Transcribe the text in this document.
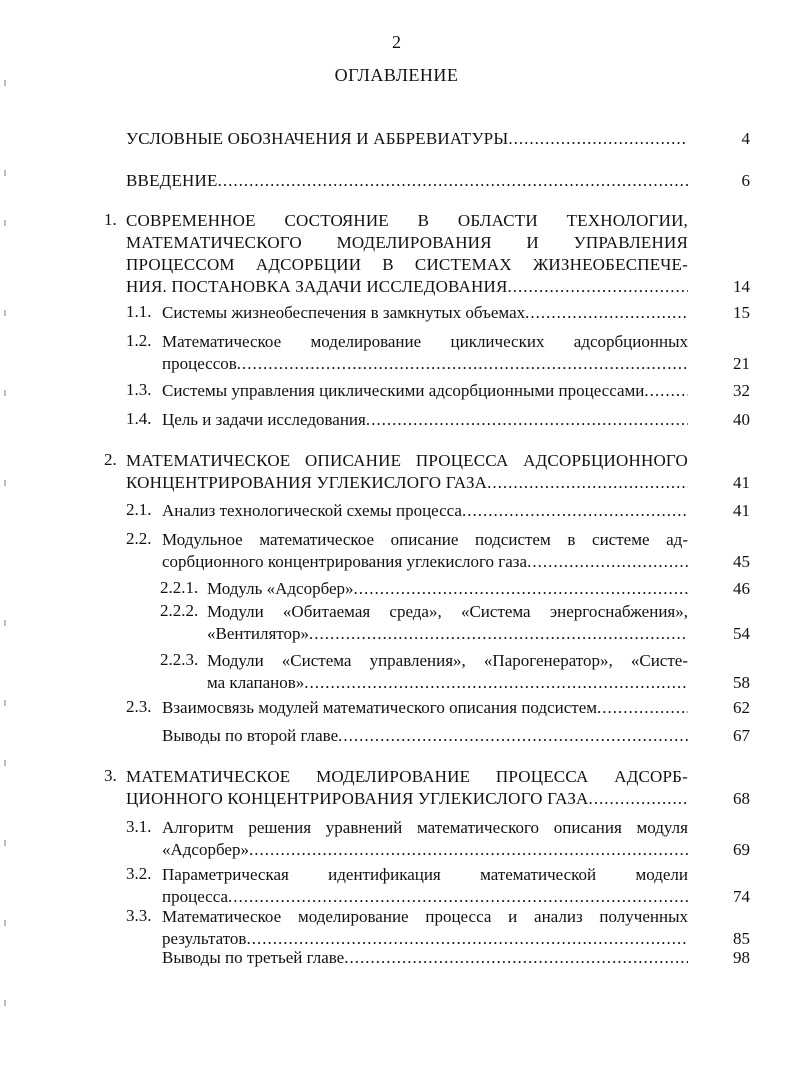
2
ОГЛАВЛЕНИЕ
УСЛОВНЫЕ ОБОЗНАЧЕНИЯ И АББРЕВИАТУРЫ .....	4
ВВЕДЕНИЕ .....	6
1. СОВРЕМЕННОЕ СОСТОЯНИЕ В ОБЛАСТИ ТЕХНОЛОГИИ,
МАТЕМАТИЧЕСКОГО МОДЕЛИРОВАНИЯ И УПРАВЛЕНИЯ
ПРОЦЕССОМ АДСОРБЦИИ В СИСТЕМАХ ЖИЗНЕОБЕСПЕЧЕ-
НИЯ. ПОСТАНОВКА ЗАДАЧИ ИССЛЕДОВАНИЯ .....	14
1.1. Системы жизнеобеспечения в замкнутых объемах .....	15
1.2. Математическое моделирование циклических адсорбционных
процессов .....	21
1.3. Системы управления циклическими адсорбционными процессами .....	32
1.4. Цель и задачи исследования .....	40
2. МАТЕМАТИЧЕСКОЕ ОПИСАНИЕ ПРОЦЕССА АДСОРБЦИОННОГО
КОНЦЕНТРИРОВАНИЯ УГЛЕКИСЛОГО ГАЗА .....	41
2.1. Анализ технологической схемы процесса .....	41
2.2. Модульное математическое описание подсистем в системе ад-
сорбционного концентрирования углекислого газа .....	45
2.2.1. Модуль «Адсорбер» .....	46
2.2.2. Модули «Обитаемая среда», «Система энергоснабжения»,
«Вентилятор» .....	54
2.2.3. Модули «Система управления», «Парогенератор», «Систе-
ма клапанов» .....	58
2.3. Взаимосвязь модулей математического описания подсистем .....	62
Выводы по второй главе .....	67
3. МАТЕМАТИЧЕСКОЕ МОДЕЛИРОВАНИЕ ПРОЦЕССА АДСОРБ-
ЦИОННОГО КОНЦЕНТРИРОВАНИЯ УГЛЕКИСЛОГО ГАЗА .....	68
3.1. Алгоритм решения уравнений математического описания модуля
«Адсорбер» .....	69
3.2. Параметрическая идентификация математической модели
процесса .....	74
3.3. Математическое моделирование процесса и анализ полученных
результатов .....	85
Выводы по третьей главе .....	98
